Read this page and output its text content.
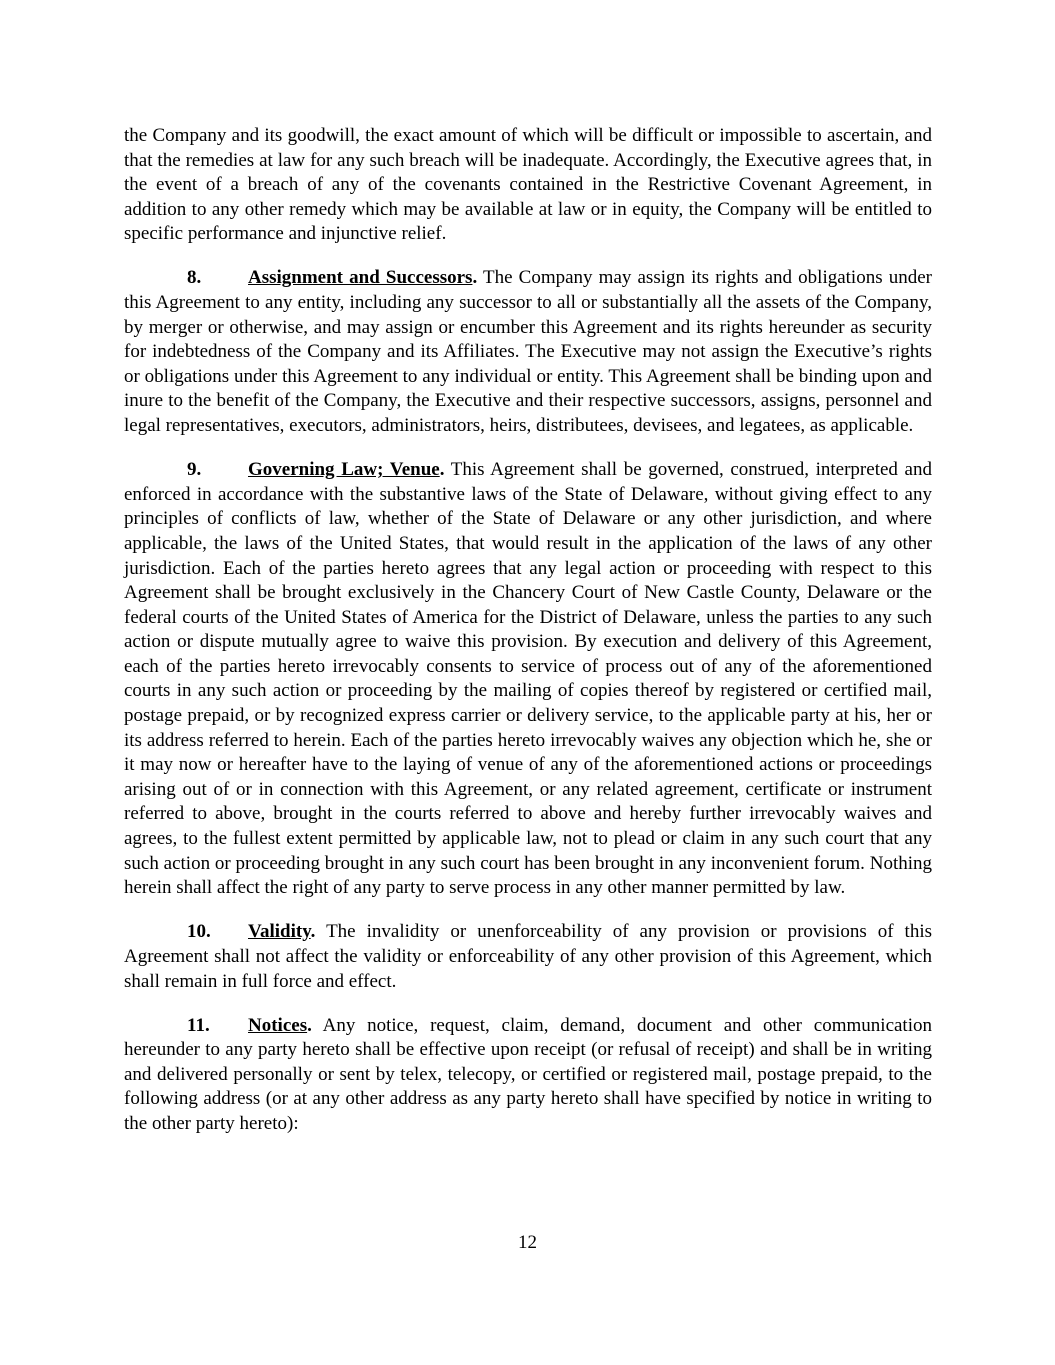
the Company and its goodwill, the exact amount of which will be difficult or impossible to ascertain, and that the remedies at law for any such breach will be inadequate. Accordingly, the Executive agrees that, in the event of a breach of any of the covenants contained in the Restrictive Covenant Agreement, in addition to any other remedy which may be available at law or in equity, the Company will be entitled to specific performance and injunctive relief.

8. Assignment and Successors. The Company may assign its rights and obligations under this Agreement to any entity, including any successor to all or substantially all the assets of the Company, by merger or otherwise, and may assign or encumber this Agreement and its rights hereunder as security for indebtedness of the Company and its Affiliates. The Executive may not assign the Executive’s rights or obligations under this Agreement to any individual or entity. This Agreement shall be binding upon and inure to the benefit of the Company, the Executive and their respective successors, assigns, personnel and legal representatives, executors, administrators, heirs, distributees, devisees, and legatees, as applicable.

9. Governing Law; Venue. This Agreement shall be governed, construed, interpreted and enforced in accordance with the substantive laws of the State of Delaware, without giving effect to any principles of conflicts of law, whether of the State of Delaware or any other jurisdiction, and where applicable, the laws of the United States, that would result in the application of the laws of any other jurisdiction. Each of the parties hereto agrees that any legal action or proceeding with respect to this Agreement shall be brought exclusively in the Chancery Court of New Castle County, Delaware or the federal courts of the United States of America for the District of Delaware, unless the parties to any such action or dispute mutually agree to waive this provision. By execution and delivery of this Agreement, each of the parties hereto irrevocably consents to service of process out of any of the aforementioned courts in any such action or proceeding by the mailing of copies thereof by registered or certified mail, postage prepaid, or by recognized express carrier or delivery service, to the applicable party at his, her or its address referred to herein. Each of the parties hereto irrevocably waives any objection which he, she or it may now or hereafter have to the laying of venue of any of the aforementioned actions or proceedings arising out of or in connection with this Agreement, or any related agreement, certificate or instrument referred to above, brought in the courts referred to above and hereby further irrevocably waives and agrees, to the fullest extent permitted by applicable law, not to plead or claim in any such court that any such action or proceeding brought in any such court has been brought in any inconvenient forum. Nothing herein shall affect the right of any party to serve process in any other manner permitted by law.

10. Validity. The invalidity or unenforceability of any provision or provisions of this Agreement shall not affect the validity or enforceability of any other provision of this Agreement, which shall remain in full force and effect.

11. Notices. Any notice, request, claim, demand, document and other communication hereunder to any party hereto shall be effective upon receipt (or refusal of receipt) and shall be in writing and delivered personally or sent by telex, telecopy, or certified or registered mail, postage prepaid, to the following address (or at any other address as any party hereto shall have specified by notice in writing to the other party hereto):

12
